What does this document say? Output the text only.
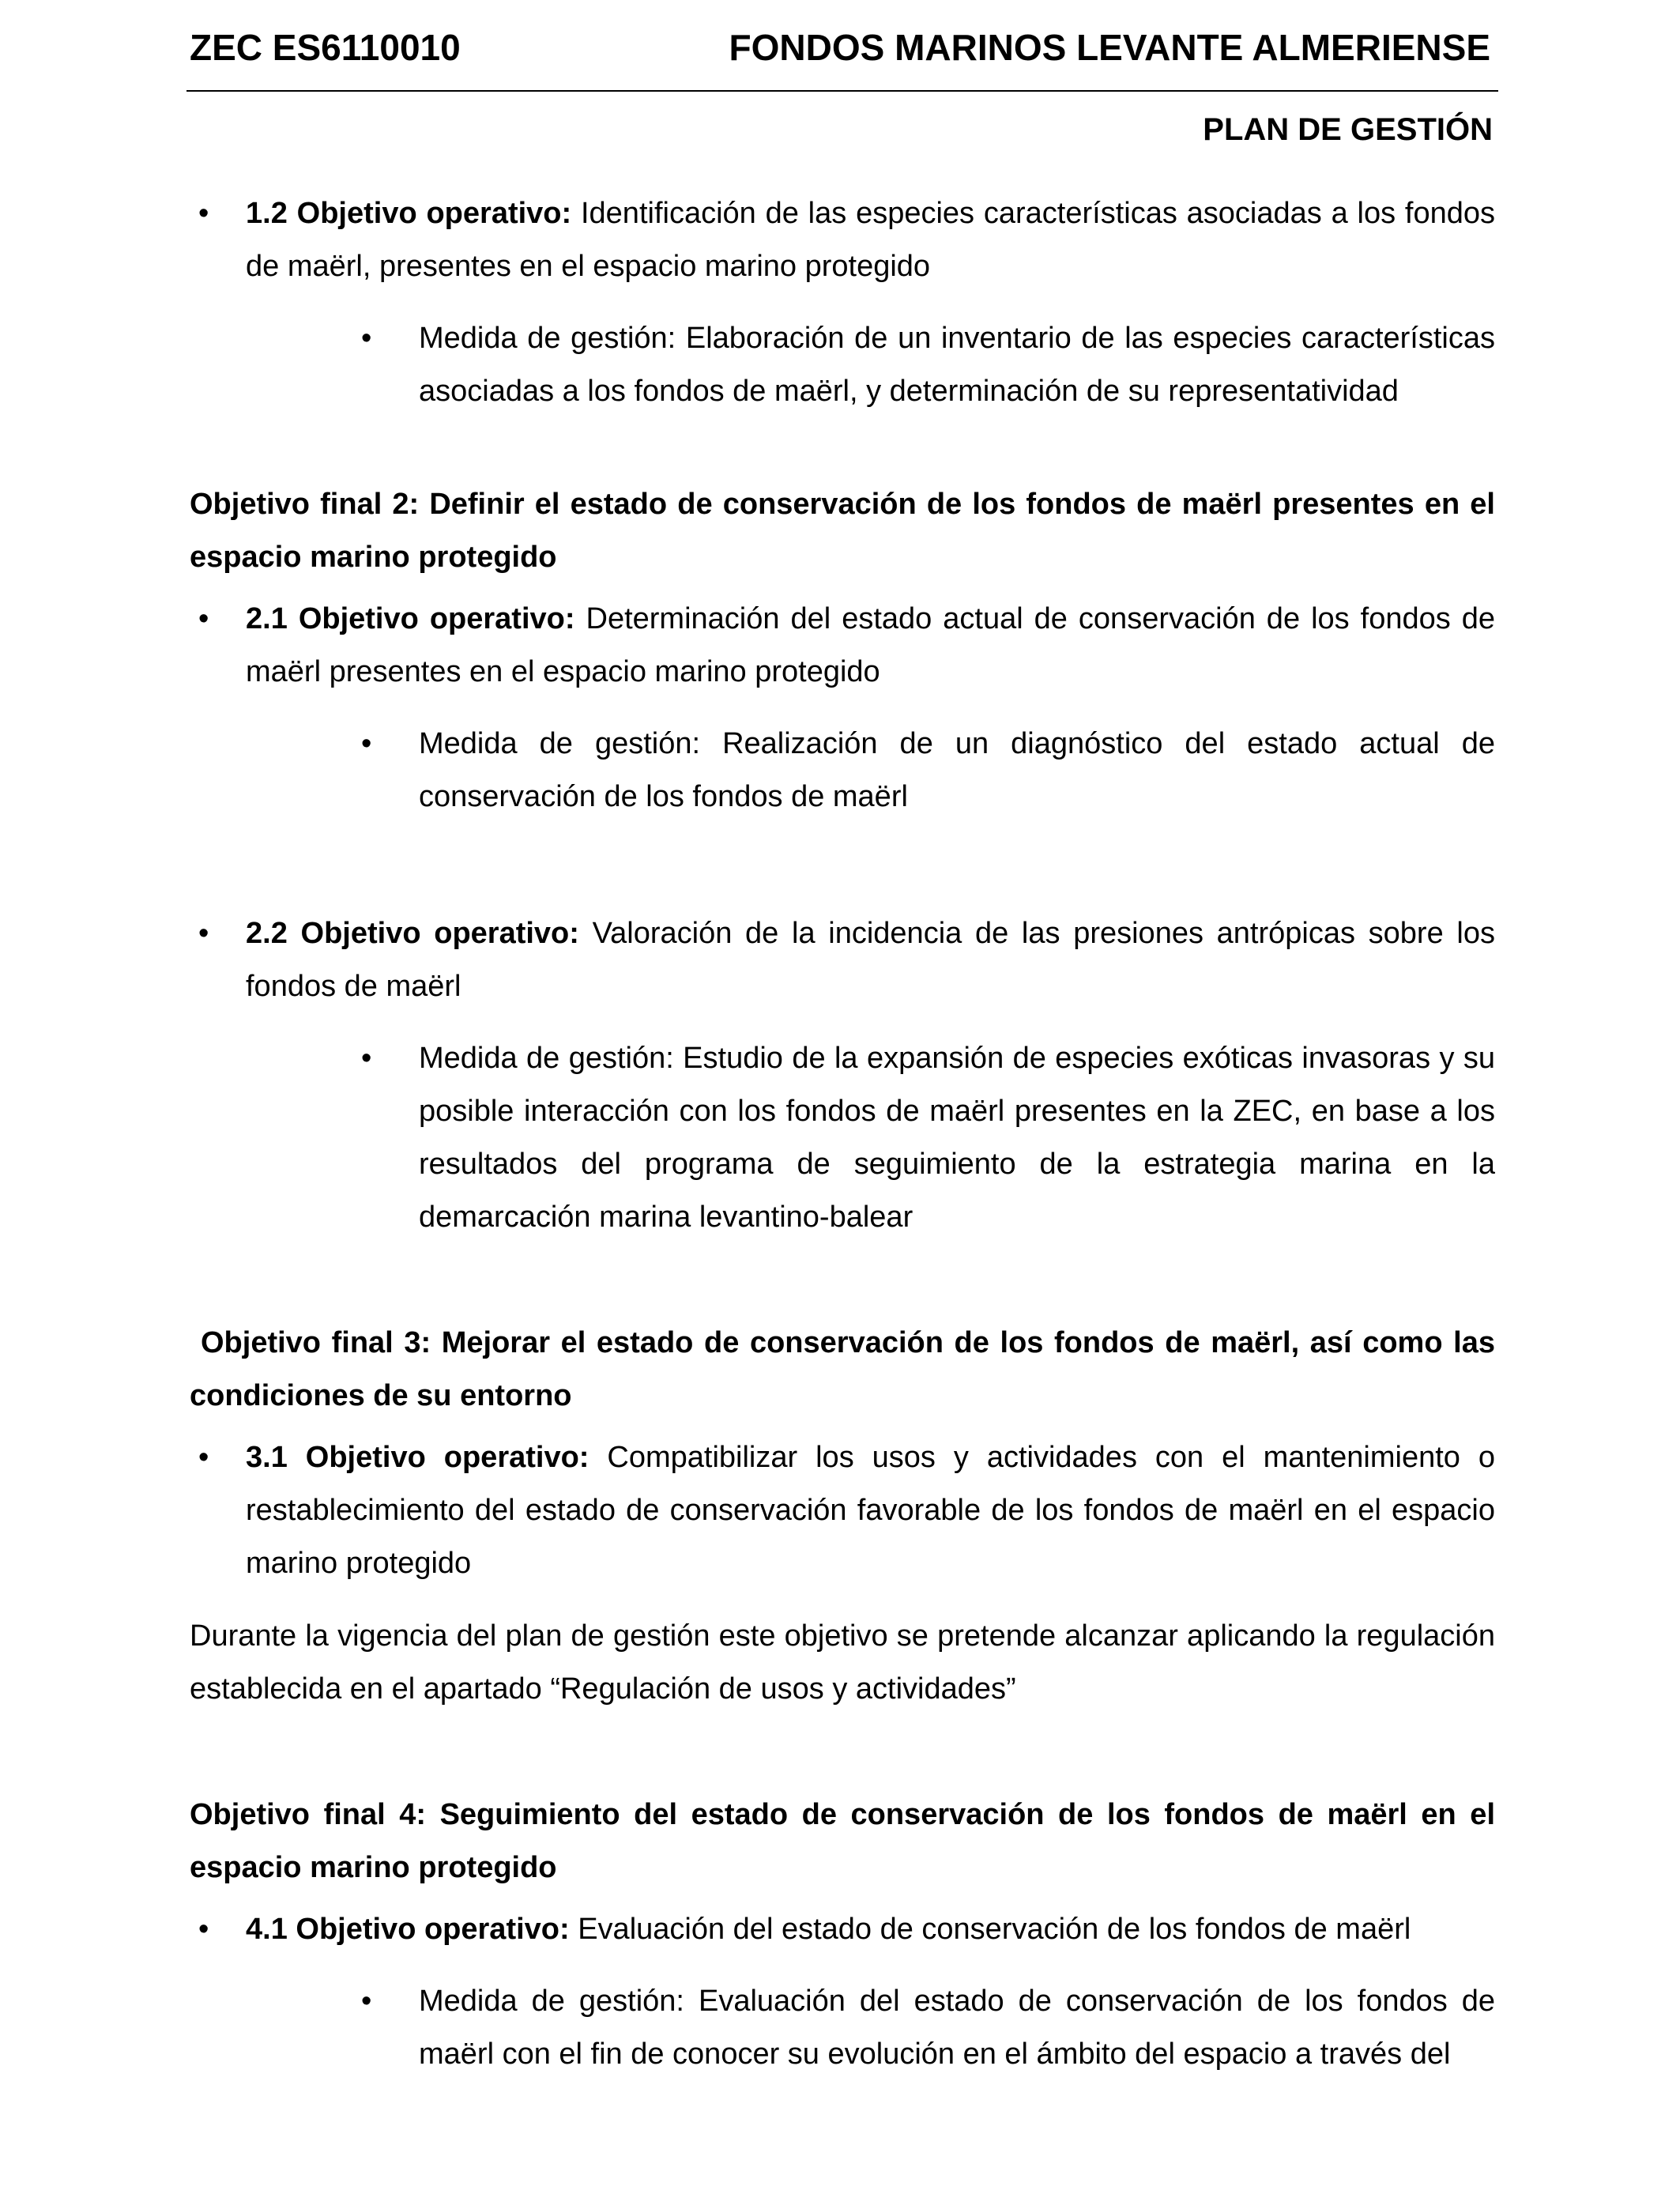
ZEC ES6110010	FONDOS MARINOS LEVANTE ALMERIENSE
PLAN DE GESTIÓN
• 1.2 Objetivo operativo: Identificación de las especies características asociadas a los fondos de maërl, presentes en el espacio marino protegido
• Medida de gestión: Elaboración de un inventario de las especies características asociadas a los fondos de maërl, y determinación de su representatividad
Objetivo final 2: Definir el estado de conservación de los fondos de maërl presentes en el espacio marino protegido
• 2.1 Objetivo operativo: Determinación del estado actual de conservación de los fondos de maërl presentes en el espacio marino protegido
• Medida de gestión: Realización de un diagnóstico del estado actual de conservación de los fondos de maërl
• 2.2 Objetivo operativo: Valoración de la incidencia de las presiones antrópicas sobre los fondos de maërl
• Medida de gestión: Estudio de la expansión de especies exóticas invasoras y su posible interacción con los fondos de maërl presentes en la ZEC, en base a los resultados del programa de seguimiento de la estrategia marina en la demarcación marina levantino-balear
Objetivo final 3: Mejorar el estado de conservación de los fondos de maërl, así como las condiciones de su entorno
• 3.1 Objetivo operativo: Compatibilizar los usos y actividades con el mantenimiento o restablecimiento del estado de conservación favorable de los fondos de maërl en el espacio marino protegido
Durante la vigencia del plan de gestión este objetivo se pretende alcanzar aplicando la regulación establecida en el apartado “Regulación de usos y actividades”
Objetivo final 4: Seguimiento del estado de conservación de los fondos de maërl en el espacio marino protegido
• 4.1 Objetivo operativo: Evaluación del estado de conservación de los fondos de maërl
• Medida de gestión: Evaluación del estado de conservación de los fondos de maërl con el fin de conocer su evolución en el ámbito del espacio a través del
